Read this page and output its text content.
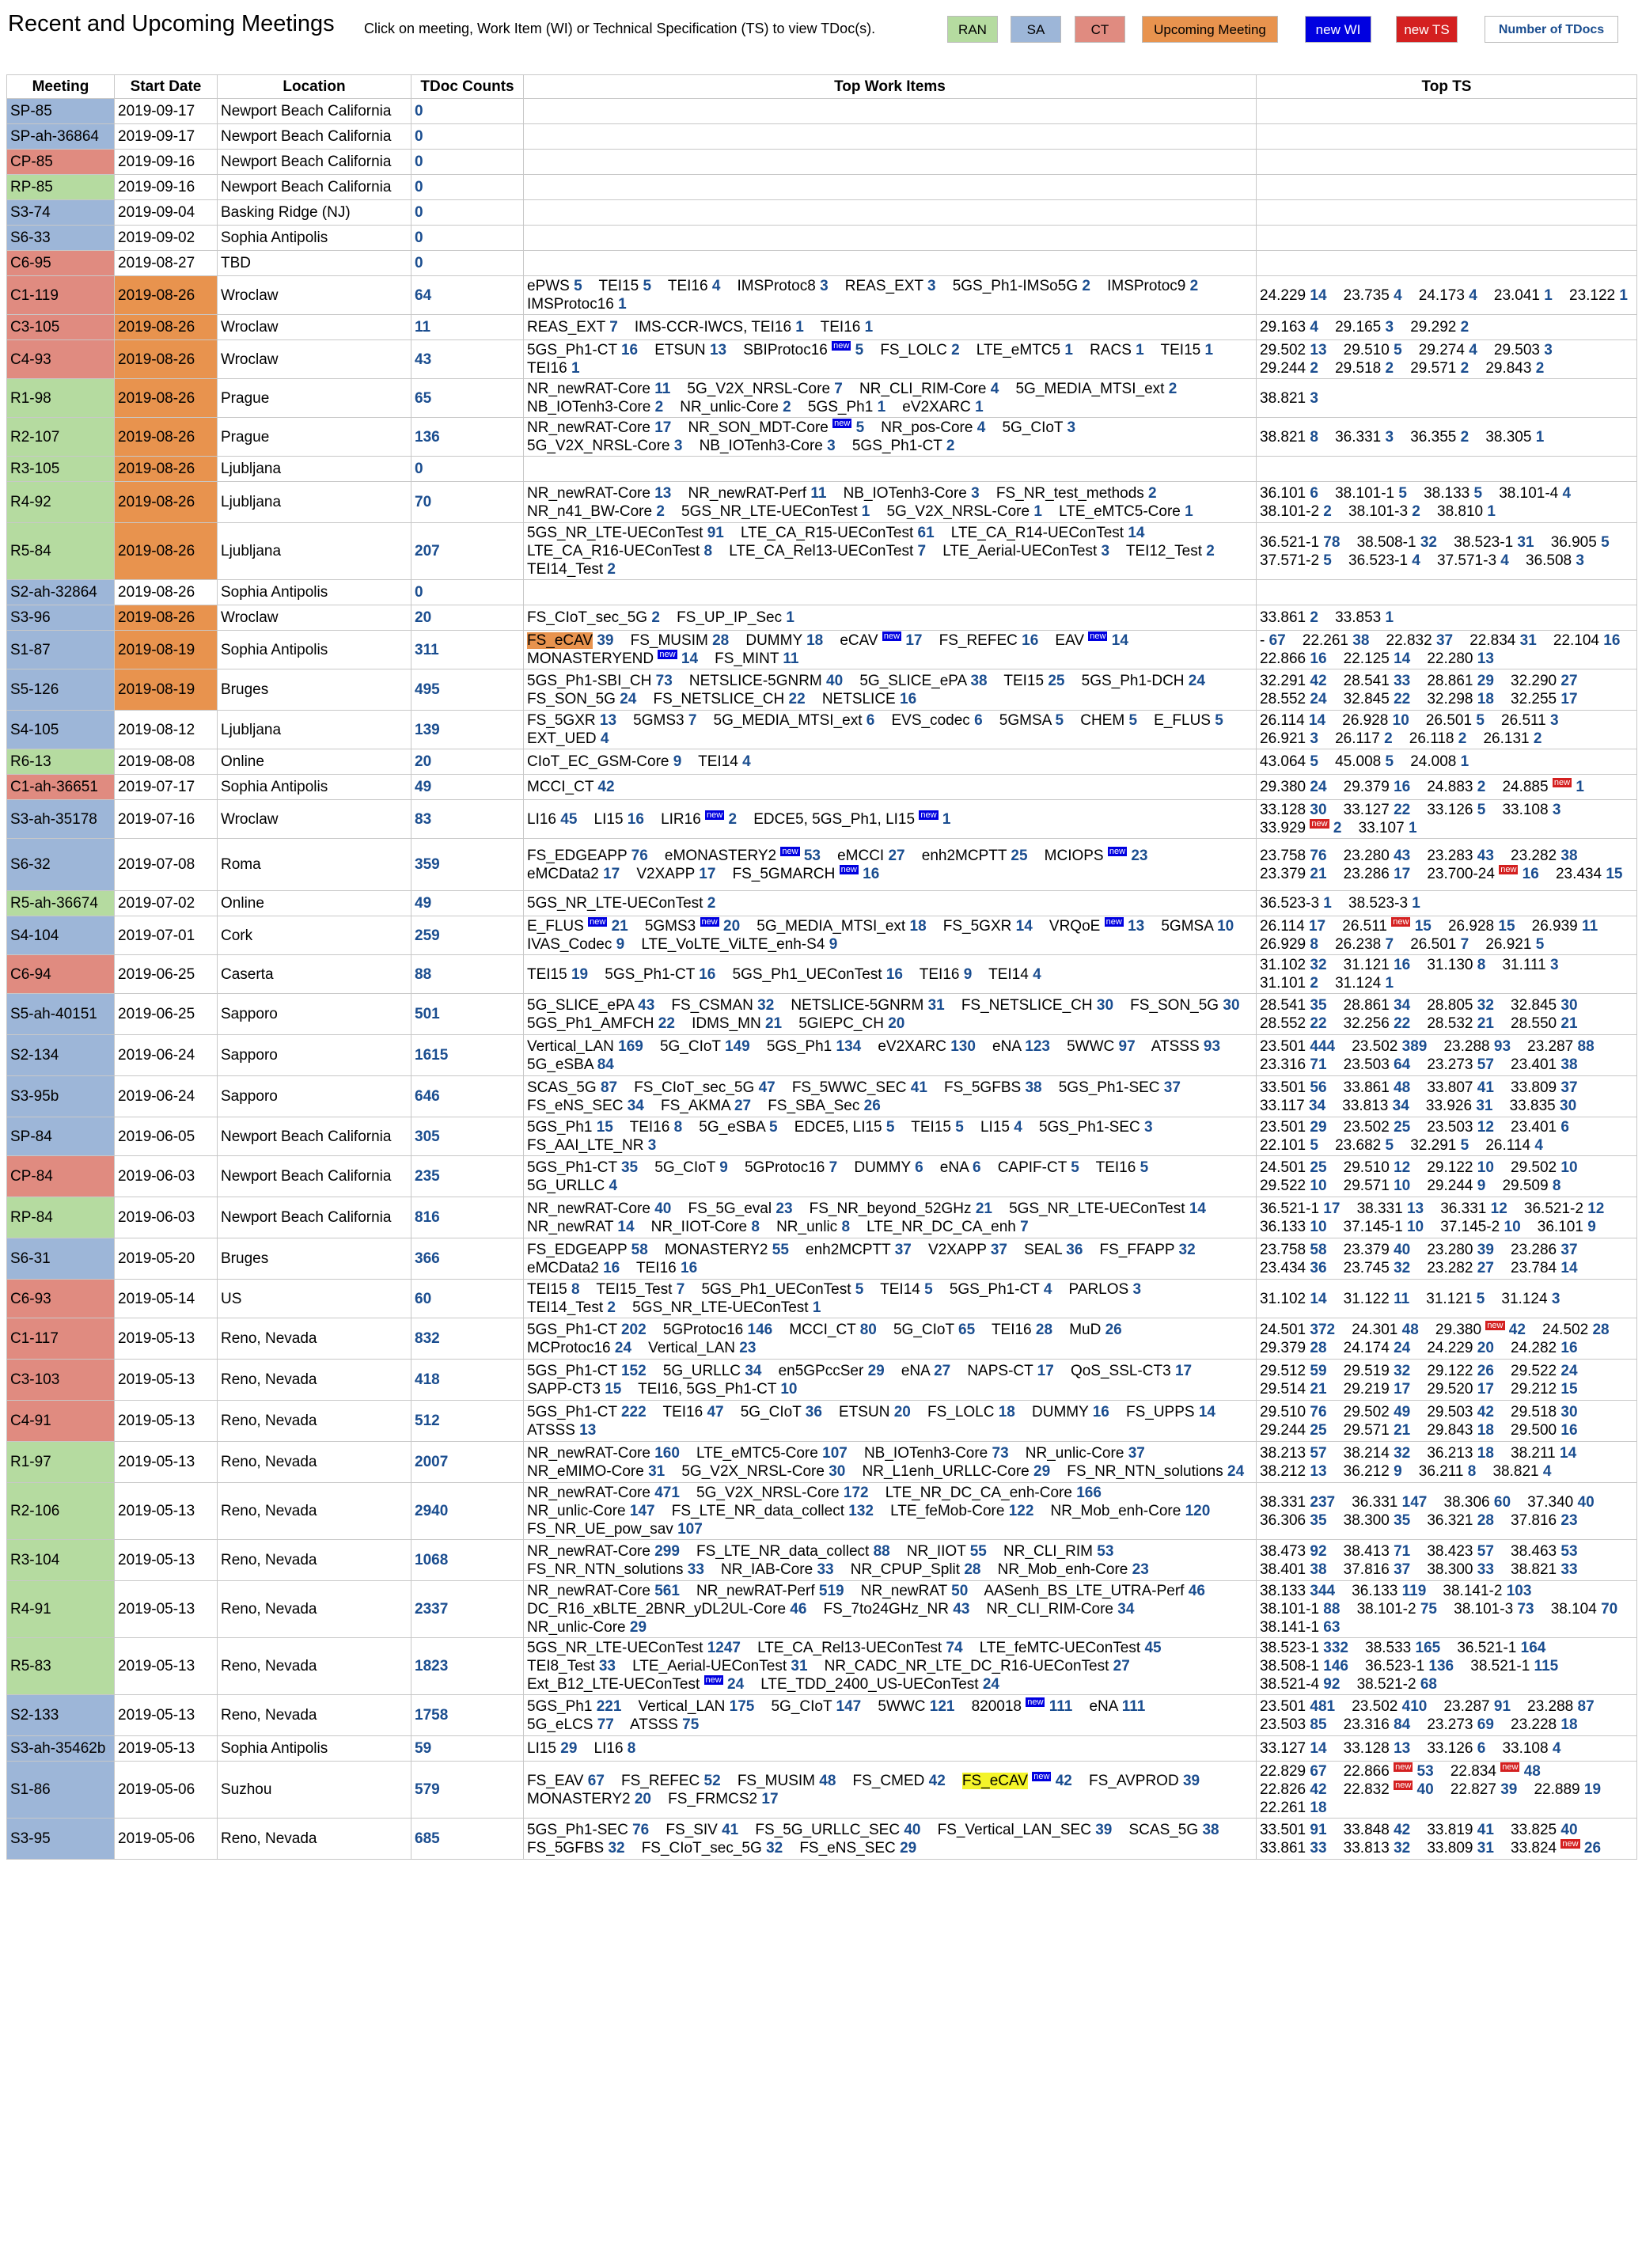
Recent and Upcoming Meetings Click on meeting, Work Item (WI) or Technical Specification (TS) to view TDoc(s).	RAN	SA	CT	Upcoming Meeting	new WI	new TS	Number of TDocs
Meeting	Start Date	Location	TDoc Counts	Top Work Items	Top TS
SP-85	2019-09-17	Newport Beach California	0		
SP-ah-36864	2019-09-17	Newport Beach California	0		
CP-85	2019-09-16	Newport Beach California	0		
RP-85	2019-09-16	Newport Beach California	0		
S3-74	2019-09-04	Basking Ridge (NJ)	0		
S6-33	2019-09-02	Sophia Antipolis	0		
C6-95	2019-08-27	TBD	0		
C1-119	2019-08-26	Wroclaw	64	ePWS 5 TEI15 5 TEI16 4 IMSProtoc8 3 REAS_EXT 3 5GS_Ph1-IMSo5G 2 IMSProtoc9 2    IMSProtoc16 1	24.229 14 23.735 4 24.173 4 23.041 1 23.122 1
C3-105	2019-08-26	Wroclaw	11	REAS_EXT 7 IMS-CCR-IWCS, TEI16 1 TEI16 1	29.163 4 29.165 3 29.292 2
C4-93	2019-08-26	Wroclaw	43	5GS_Ph1-CT 16 ETSUN 13 SBIProtoc16 new 5 FS_LOLC 2 LTE_eMTC5 1 RACS 1 TEI15 1    TEI16 1	29.502 13 29.510 5 29.274 4 29.503 3    29.244 2 29.518 2 29.571 2 29.843 2
R1-98	2019-08-26	Prague	65	NR_newRAT-Core 11 5G_V2X_NRSL-Core 7 NR_CLI_RIM-Core 4 5G_MEDIA_MTSI_ext 2    NB_IOTenh3-Core 2 NR_unlic-Core 2 5GS_Ph1 1 eV2XARC 1	38.821 3
R2-107	2019-08-26	Prague	136	NR_newRAT-Core 17 NR_SON_MDT-Core new 5 NR_pos-Core 4 5G_CIoT 3    5G_V2X_NRSL-Core 3 NB_IOTenh3-Core 3 5GS_Ph1-CT 2	38.821 8 36.331 3 36.355 2 38.305 1
R3-105	2019-08-26	Ljubljana	0		
R4-92	2019-08-26	Ljubljana	70	NR_newRAT-Core 13 NR_newRAT-Perf 11 NB_IOTenh3-Core 3 FS_NR_test_methods 2    NR_n41_BW-Core 2 5GS_NR_LTE-UEConTest 1 5G_V2X_NRSL-Core 1 LTE_eMTC5-Core 1	36.101 6 38.101-1 5 38.133 5 38.101-4 4    38.101-2 2 38.101-3 2 38.810 1
R5-84	2019-08-26	Ljubljana	207	5GS_NR_LTE-UEConTest 91 LTE_CA_R15-UEConTest 61 LTE_CA_R14-UEConTest 14    LTE_CA_R16-UEConTest 8 LTE_CA_Rel13-UEConTest 7 LTE_Aerial-UEConTest 3 TEI12_Test 2    TEI14_Test 2	36.521-1 78 38.508-1 32 38.523-1 31 36.905 5    37.571-2 5 36.523-1 4 37.571-3 4 36.508 3
S2-ah-32864	2019-08-26	Sophia Antipolis	0		
S3-96	2019-08-26	Wroclaw	20	FS_CIoT_sec_5G 2 FS_UP_IP_Sec 1	33.861 2 33.853 1
S1-87	2019-08-19	Sophia Antipolis	311	FS_eCAV 39 FS_MUSIM 28 DUMMY 18 eCAV new 17 FS_REFEC 16 EAV new 14    MONASTERYEND new 14 FS_MINT 11	- 67 22.261 38 22.832 37 22.834 31 22.104 16    22.866 16 22.125 14 22.280 13
S5-126	2019-08-19	Bruges	495	5GS_Ph1-SBI_CH 73 NETSLICE-5GNRM 40 5G_SLICE_ePA 38 TEI15 25 5GS_Ph1-DCH 24    FS_SON_5G 24 FS_NETSLICE_CH 22 NETSLICE 16	32.291 42 28.541 33 28.861 29 32.290 27    28.552 24 32.845 22 32.298 18 32.255 17
S4-105	2019-08-12	Ljubljana	139	FS_5GXR 13 5GMS3 7 5G_MEDIA_MTSI_ext 6 EVS_codec 6 5GMSA 5 CHEM 5 E_FLUS 5    EXT_UED 4	26.114 14 26.928 10 26.501 5 26.511 3    26.921 3 26.117 2 26.118 2 26.131 2
R6-13	2019-08-08	Online	20	CIoT_EC_GSM-Core 9 TEI14 4	43.064 5 45.008 5 24.008 1
C1-ah-36651	2019-07-17	Sophia Antipolis	49	MCCI_CT 42	29.380 24 29.379 16 24.883 2 24.885 new 1
S3-ah-35178	2019-07-16	Wroclaw	83	LI16 45 LI15 16 LIR16 new 2 EDCE5, 5GS_Ph1, LI15 new 1	33.128 30 33.127 22 33.126 5 33.108 3    33.929 new 2 33.107 1
S6-32	2019-07-08	Roma	359	FS_EDGEAPP 76 eMONASTERY2 new 53 eMCCI 27 enh2MCPTT 25 MCIOPS new 23    eMCData2 17 V2XAPP 17 FS_5GMARCH new 16	23.758 76 23.280 43 23.283 43 23.282 38    23.379 21 23.286 17 23.700-24 new 16 23.434 15
R5-ah-36674	2019-07-02	Online	49	5GS_NR_LTE-UEConTest 2	36.523-3 1 38.523-3 1
S4-104	2019-07-01	Cork	259	E_FLUS new 21 5GMS3 new 20 5G_MEDIA_MTSI_ext 18 FS_5GXR 14 VRQoE new 13 5GMSA 10    IVAS_Codec 9 LTE_VoLTE_ViLTE_enh-S4 9	26.114 17 26.511 new 15 26.928 15 26.939 11    26.929 8 26.238 7 26.501 7 26.921 5
C6-94	2019-06-25	Caserta	88	TEI15 19 5GS_Ph1-CT 16 5GS_Ph1_UEConTest 16 TEI16 9 TEI14 4	31.102 32 31.121 16 31.130 8 31.111 3    31.101 2 31.124 1
S5-ah-40151	2019-06-25	Sapporo	501	5G_SLICE_ePA 43 FS_CSMAN 32 NETSLICE-5GNRM 31 FS_NETSLICE_CH 30 FS_SON_5G 30    5GS_Ph1_AMFCH 22 IDMS_MN 21 5GIEPC_CH 20	28.541 35 28.861 34 28.805 32 32.845 30    28.552 22 32.256 22 28.532 21 28.550 21
S2-134	2019-06-24	Sapporo	1615	Vertical_LAN 169 5G_CIoT 149 5GS_Ph1 134 eV2XARC 130 eNA 123 5WWC 97 ATSSS 93    5G_eSBA 84	23.501 444 23.502 389 23.288 93 23.287 88    23.316 71 23.503 64 23.273 57 23.401 38
S3-95b	2019-06-24	Sapporo	646	SCAS_5G 87 FS_CIoT_sec_5G 47 FS_5WWC_SEC 41 FS_5GFBS 38 5GS_Ph1-SEC 37    FS_eNS_SEC 34 FS_AKMA 27 FS_SBA_Sec 26	33.501 56 33.861 48 33.807 41 33.809 37    33.117 34 33.813 34 33.926 31 33.835 30
SP-84	2019-06-05	Newport Beach California	305	5GS_Ph1 15 TEI16 8 5G_eSBA 5 EDCE5, LI15 5 TEI15 5 LI15 4 5GS_Ph1-SEC 3    FS_AAI_LTE_NR 3	23.501 29 23.502 25 23.503 12 23.401 6    22.101 5 23.682 5 32.291 5 26.114 4
CP-84	2019-06-03	Newport Beach California	235	5GS_Ph1-CT 35 5G_CIoT 9 5GProtoc16 7 DUMMY 6 eNA 6 CAPIF-CT 5 TEI16 5    5G_URLLC 4	24.501 25 29.510 12 29.122 10 29.502 10    29.522 10 29.571 10 29.244 9 29.509 8
RP-84	2019-06-03	Newport Beach California	816	NR_newRAT-Core 40 FS_5G_eval 23 FS_NR_beyond_52GHz 21 5GS_NR_LTE-UEConTest 14    NR_newRAT 14 NR_IIOT-Core 8 NR_unlic 8 LTE_NR_DC_CA_enh 7	36.521-1 17 38.331 13 36.331 12 36.521-2 12    36.133 10 37.145-1 10 37.145-2 10 36.101 9
S6-31	2019-05-20	Bruges	366	FS_EDGEAPP 58 MONASTERY2 55 enh2MCPTT 37 V2XAPP 37 SEAL 36 FS_FFAPP 32    eMCData2 16 TEI16 16	23.758 58 23.379 40 23.280 39 23.286 37    23.434 36 23.745 32 23.282 27 23.784 14
C6-93	2019-05-14	US	60	TEI15 8 TEI15_Test 7 5GS_Ph1_UEConTest 5 TEI14 5 5GS_Ph1-CT 4 PARLOS 3    TEI14_Test 2 5GS_NR_LTE-UEConTest 1	31.102 14 31.122 11 31.121 5 31.124 3
C1-117	2019-05-13	Reno, Nevada	832	5GS_Ph1-CT 202 5GProtoc16 146 MCCI_CT 80 5G_CIoT 65 TEI16 28 MuD 26    MCProtoc16 24 Vertical_LAN 23	24.501 372 24.301 48 29.380 new 42 24.502 28    29.379 28 24.174 24 24.229 20 24.282 16
C3-103	2019-05-13	Reno, Nevada	418	5GS_Ph1-CT 152 5G_URLLC 34 en5GPccSer 29 eNA 27 NAPS-CT 17 QoS_SSL-CT3 17    SAPP-CT3 15 TEI16, 5GS_Ph1-CT 10	29.512 59 29.519 32 29.122 26 29.522 24    29.514 21 29.219 17 29.520 17 29.212 15
C4-91	2019-05-13	Reno, Nevada	512	5GS_Ph1-CT 222 TEI16 47 5G_CIoT 36 ETSUN 20 FS_LOLC 18 DUMMY 16 FS_UPPS 14    ATSSS 13	29.510 76 29.502 49 29.503 42 29.518 30    29.244 25 29.571 21 29.843 18 29.500 16
R1-97	2019-05-13	Reno, Nevada	2007	NR_newRAT-Core 160 LTE_eMTC5-Core 107 NB_IOTenh3-Core 73 NR_unlic-Core 37    NR_eMIMO-Core 31 5G_V2X_NRSL-Core 30 NR_L1enh_URLLC-Core 29 FS_NR_NTN_solutions 24	38.213 57 38.214 32 36.213 18 38.211 14    38.212 13 36.212 9 36.211 8 38.821 4
R2-106	2019-05-13	Reno, Nevada	2940	NR_newRAT-Core 471 5G_V2X_NRSL-Core 172 LTE_NR_DC_CA_enh-Core 166    NR_unlic-Core 147 FS_LTE_NR_data_collect 132 LTE_feMob-Core 122 NR_Mob_enh-Core 120    FS_NR_UE_pow_sav 107	38.331 237 36.331 147 38.306 60 37.340 40    36.306 35 38.300 35 36.321 28 37.816 23
R3-104	2019-05-13	Reno, Nevada	1068	NR_newRAT-Core 299 FS_LTE_NR_data_collect 88 NR_IIOT 55 NR_CLI_RIM 53    FS_NR_NTN_solutions 33 NR_IAB-Core 33 NR_CPUP_Split 28 NR_Mob_enh-Core 23	38.473 92 38.413 71 38.423 57 38.463 53    38.401 38 37.816 37 38.300 33 38.821 33
R4-91	2019-05-13	Reno, Nevada	2337	NR_newRAT-Core 561 NR_newRAT-Perf 519 NR_newRAT 50 AASenh_BS_LTE_UTRA-Perf 46    DC_R16_xBLTE_2BNR_yDL2UL-Core 46 FS_7to24GHz_NR 43 NR_CLI_RIM-Core 34    NR_unlic-Core 29	38.133 344 36.133 119 38.141-2 103    38.101-1 88 38.101-2 75 38.101-3 73 38.104 70    38.141-1 63
R5-83	2019-05-13	Reno, Nevada	1823	5GS_NR_LTE-UEConTest 1247 LTE_CA_Rel13-UEConTest 74 LTE_feMTC-UEConTest 45    TEI8_Test 33 LTE_Aerial-UEConTest 31 NR_CADC_NR_LTE_DC_R16-UEConTest 27    Ext_B12_LTE-UEConTest new 24 LTE_TDD_2400_US-UEConTest 24	38.523-1 332 38.533 165 36.521-1 164    38.508-1 146 36.523-1 136 38.521-1 115    38.521-4 92 38.521-2 68
S2-133	2019-05-13	Reno, Nevada	1758	5GS_Ph1 221 Vertical_LAN 175 5G_CIoT 147 5WWC 121 820018 new 111 eNA 111    5G_eLCS 77 ATSSS 75	23.501 481 23.502 410 23.287 91 23.288 87    23.503 85 23.316 84 23.273 69 23.228 18
S3-ah-35462b	2019-05-13	Sophia Antipolis	59	LI15 29 LI16 8	33.127 14 33.128 13 33.126 6 33.108 4
S1-86	2019-05-06	Suzhou	579	FS_EAV 67 FS_REFEC 52 FS_MUSIM 48 FS_CMED 42 FS_eCAV new 42 FS_AVPROD 39    MONASTERY2 20 FS_FRMCS2 17	22.829 67 22.866 new 53 22.834 new 48    22.826 42 22.832 new 40 22.827 39 22.889 19    22.261 18
S3-95	2019-05-06	Reno, Nevada	685	5GS_Ph1-SEC 76 FS_SIV 41 FS_5G_URLLC_SEC 40 FS_Vertical_LAN_SEC 39 SCAS_5G 38    FS_5GFBS 32 FS_CIoT_sec_5G 32 FS_eNS_SEC 29	33.501 91 33.848 42 33.819 41 33.825 40    33.861 33 33.813 32 33.809 31 33.824 new 26
